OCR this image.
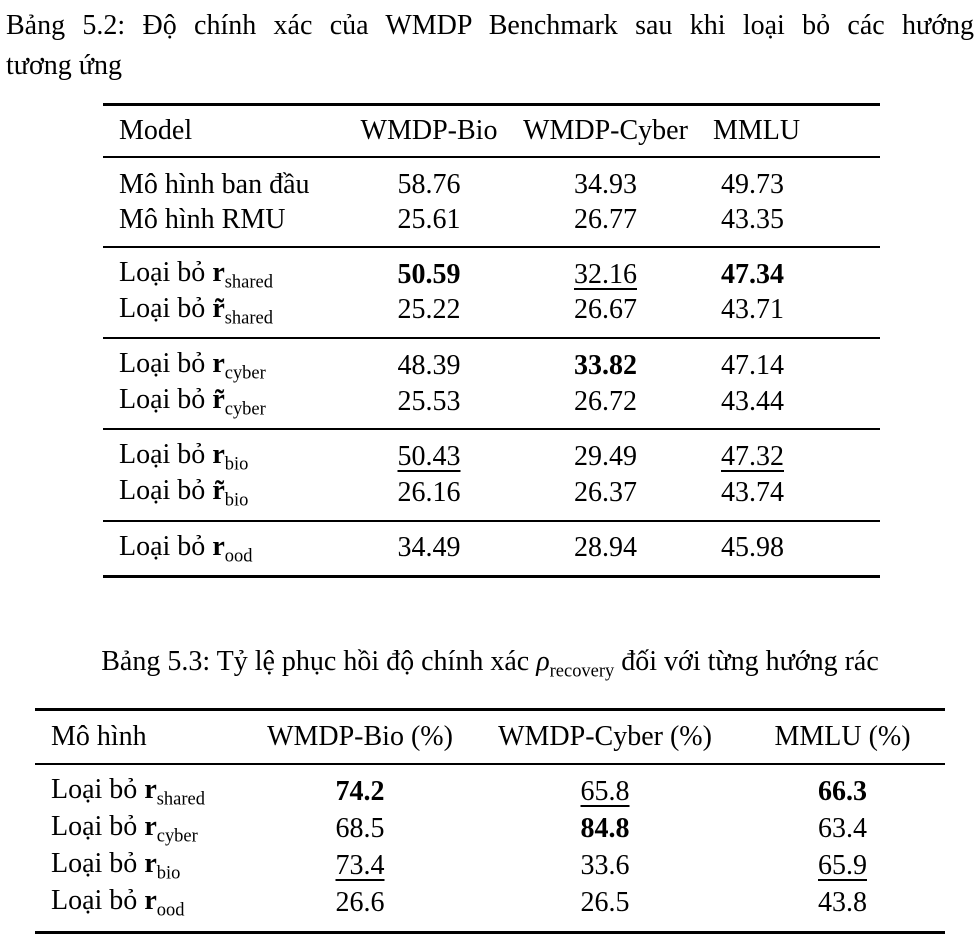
Bảng 5.2: Độ chính xác của WMDP Benchmark sau khi loại bỏ các hướng
tương ứng
Model	WMDP-Bio	WMDP-Cyber	MMLU
Mô hình ban đầu	58.76	34.93	49.73
Mô hình RMU	25.61	26.77	43.35
Loại bỏ $r_{shared}$	50.59	32.16	47.34
Loại bỏ $r̃_{shared}$	25.22	26.67	43.71
Loại bỏ $r_{cyber}$	48.39	33.82	47.14
Loại bỏ $r̃_{cyber}$	25.53	26.72	43.44
Loại bỏ $r_{bio}$	50.43	29.49	47.32
Loại bỏ $r̃_{bio}$	26.16	26.37	43.74
Loại bỏ $r_{ood}$	34.49	28.94	45.98
Bảng 5.3: Tỷ lệ phục hồi độ chính xác $\rho_{recovery}$ đối với từng hướng rác
Mô hình	WMDP-Bio (%)	WMDP-Cyber (%)	MMLU (%)
Loại bỏ $r_{shared}$	74.2	65.8	66.3
Loại bỏ $r_{cyber}$	68.5	84.8	63.4
Loại bỏ $r_{bio}$	73.4	33.6	65.9
Loại bỏ $r_{ood}$	26.6	26.5	43.8
